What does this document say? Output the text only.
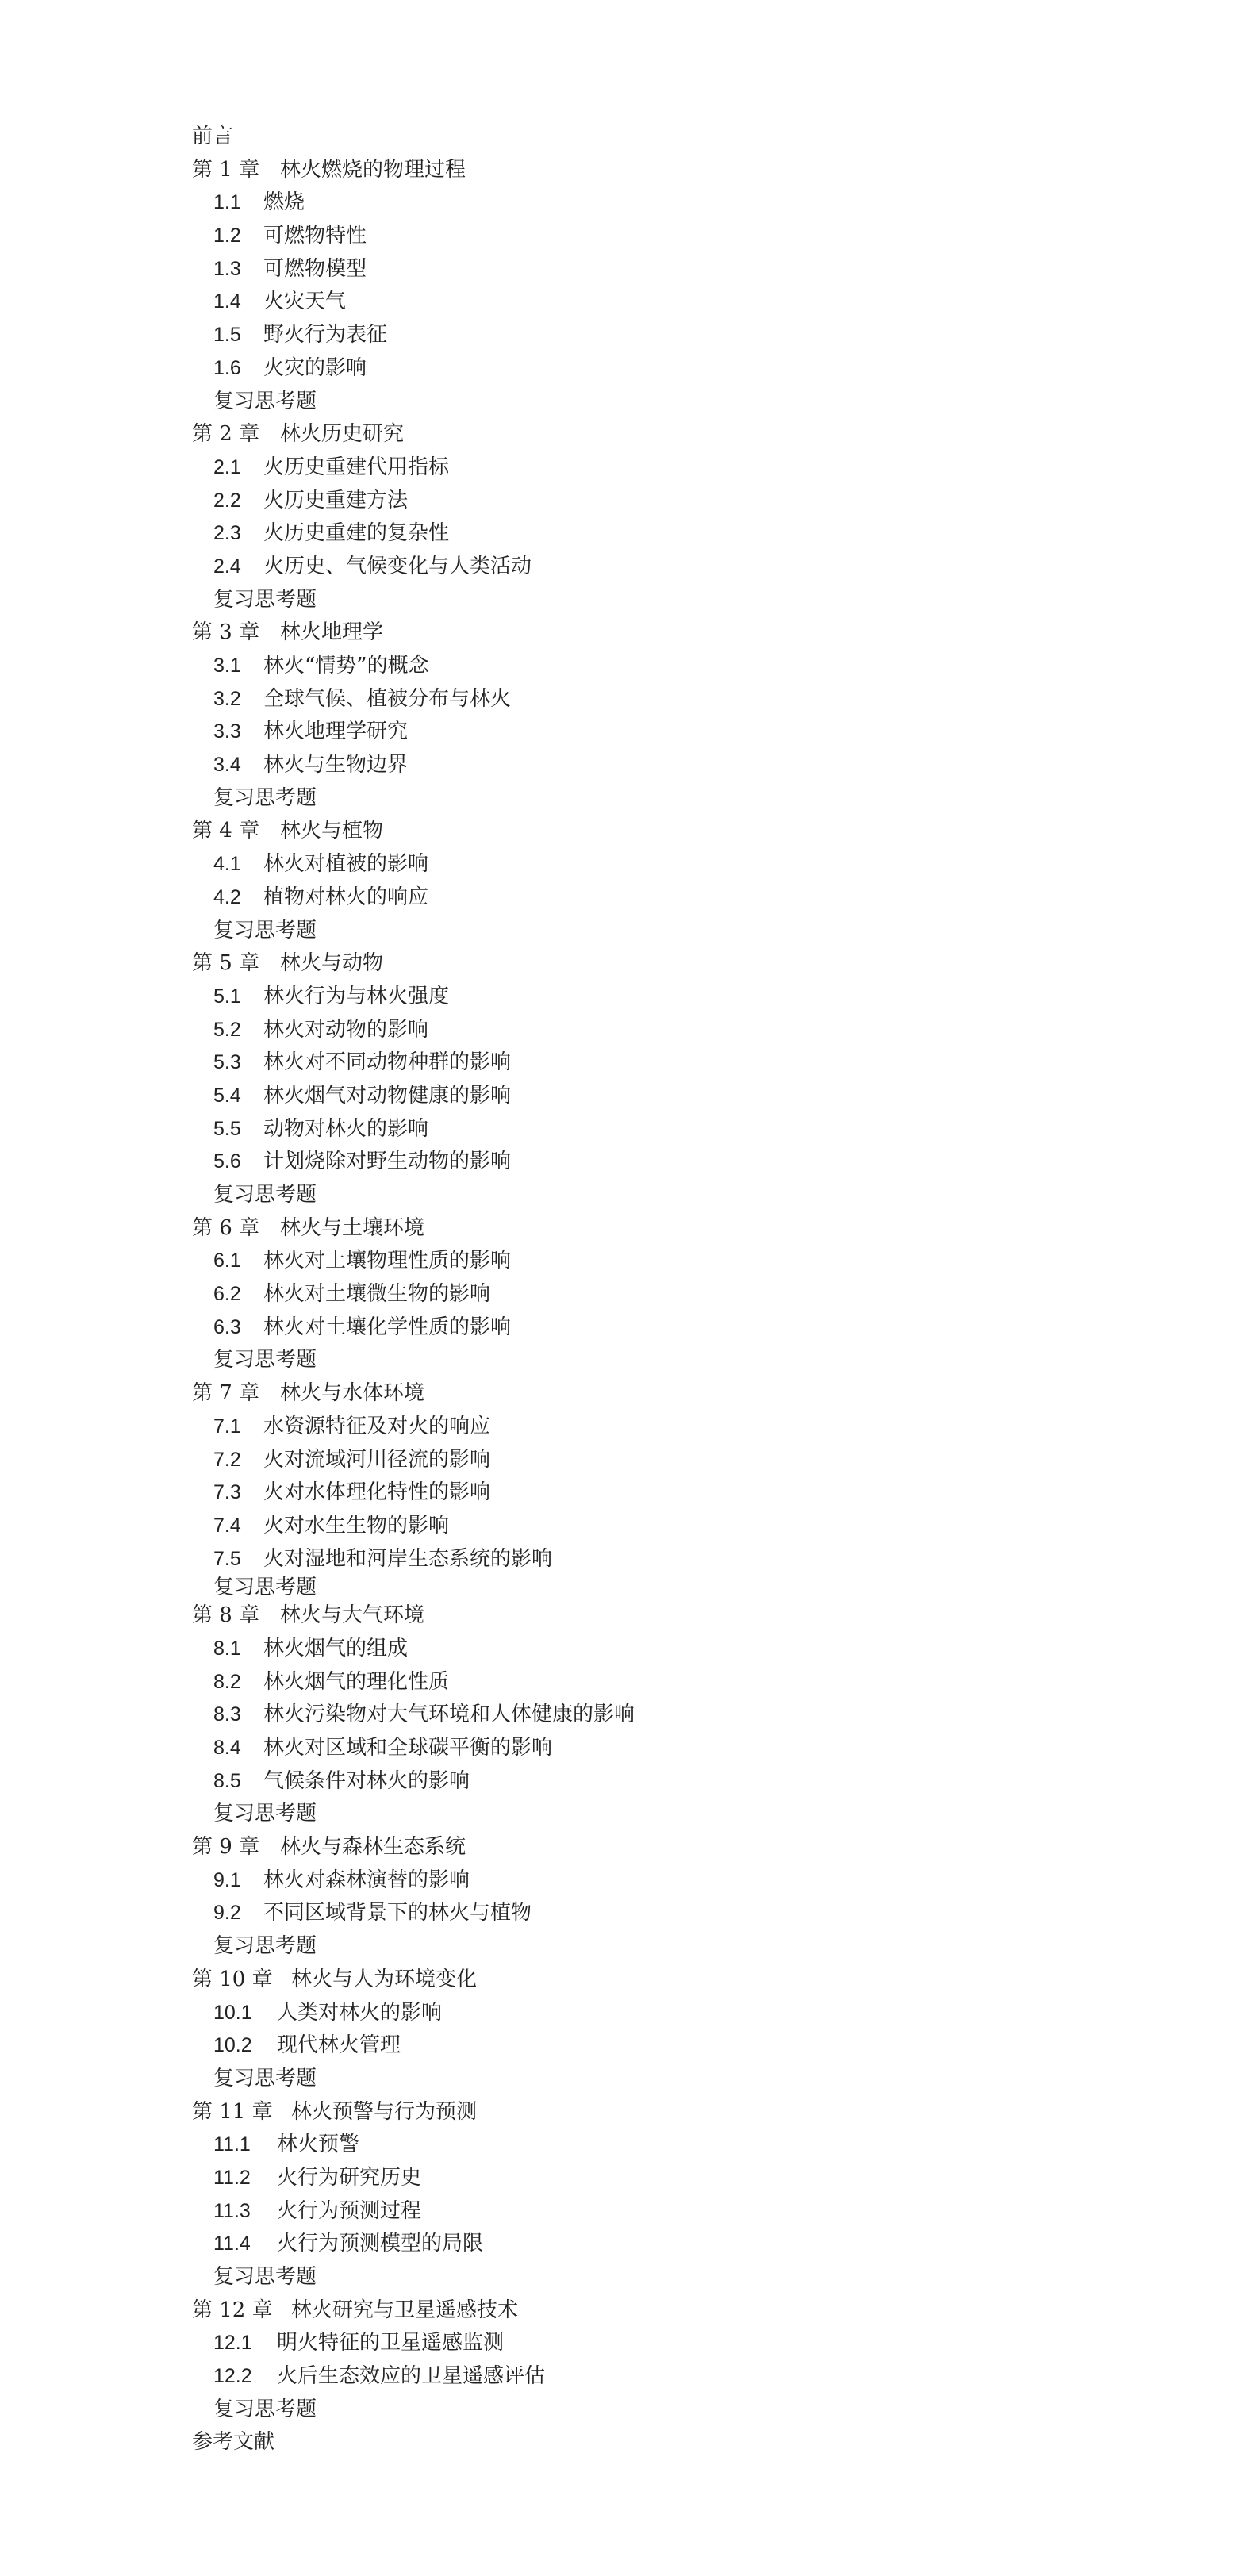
前言
第 1 章 林火燃烧的物理过程
1.1 燃烧
1.2 可燃物特性
1.3 可燃物模型
1.4 火灾天气
1.5 野火行为表征
1.6 火灾的影响
复习思考题
第 2 章 林火历史研究
2.1 火历史重建代用指标
2.2 火历史重建方法
2.3 火历史重建的复杂性
2.4 火历史、气候变化与人类活动
复习思考题
第 3 章 林火地理学
3.1 林火“情势”的概念
3.2 全球气候、植被分布与林火
3.3 林火地理学研究
3.4 林火与生物边界
复习思考题
第 4 章 林火与植物
4.1 林火对植被的影响
4.2 植物对林火的响应
复习思考题
第 5 章 林火与动物
5.1 林火行为与林火强度
5.2 林火对动物的影响
5.3 林火对不同动物种群的影响
5.4 林火烟气对动物健康的影响
5.5 动物对林火的影响
5.6 计划烧除对野生动物的影响
复习思考题
第 6 章 林火与土壤环境
6.1 林火对土壤物理性质的影响
6.2 林火对土壤微生物的影响
6.3 林火对土壤化学性质的影响
复习思考题
第 7 章 林火与水体环境
7.1 水资源特征及对火的响应
7.2 火对流域河川径流的影响
7.3 火对水体理化特性的影响
7.4 火对水生生物的影响
7.5 火对湿地和河岸生态系统的影响
复习思考题
第 8 章 林火与大气环境
8.1 林火烟气的组成
8.2 林火烟气的理化性质
8.3 林火污染物对大气环境和人体健康的影响
8.4 林火对区域和全球碳平衡的影响
8.5 气候条件对林火的影响
复习思考题
第 9 章 林火与森林生态系统
9.1 林火对森林演替的影响
9.2 不同区域背景下的林火与植物
复习思考题
第 10 章 林火与人为环境变化
10.1 人类对林火的影响
10.2 现代林火管理
复习思考题
第 11 章 林火预警与行为预测
11.1 林火预警
11.2 火行为研究历史
11.3 火行为预测过程
11.4 火行为预测模型的局限
复习思考题
第 12 章 林火研究与卫星遥感技术
12.1 明火特征的卫星遥感监测
12.2 火后生态效应的卫星遥感评估
复习思考题
参考文献
